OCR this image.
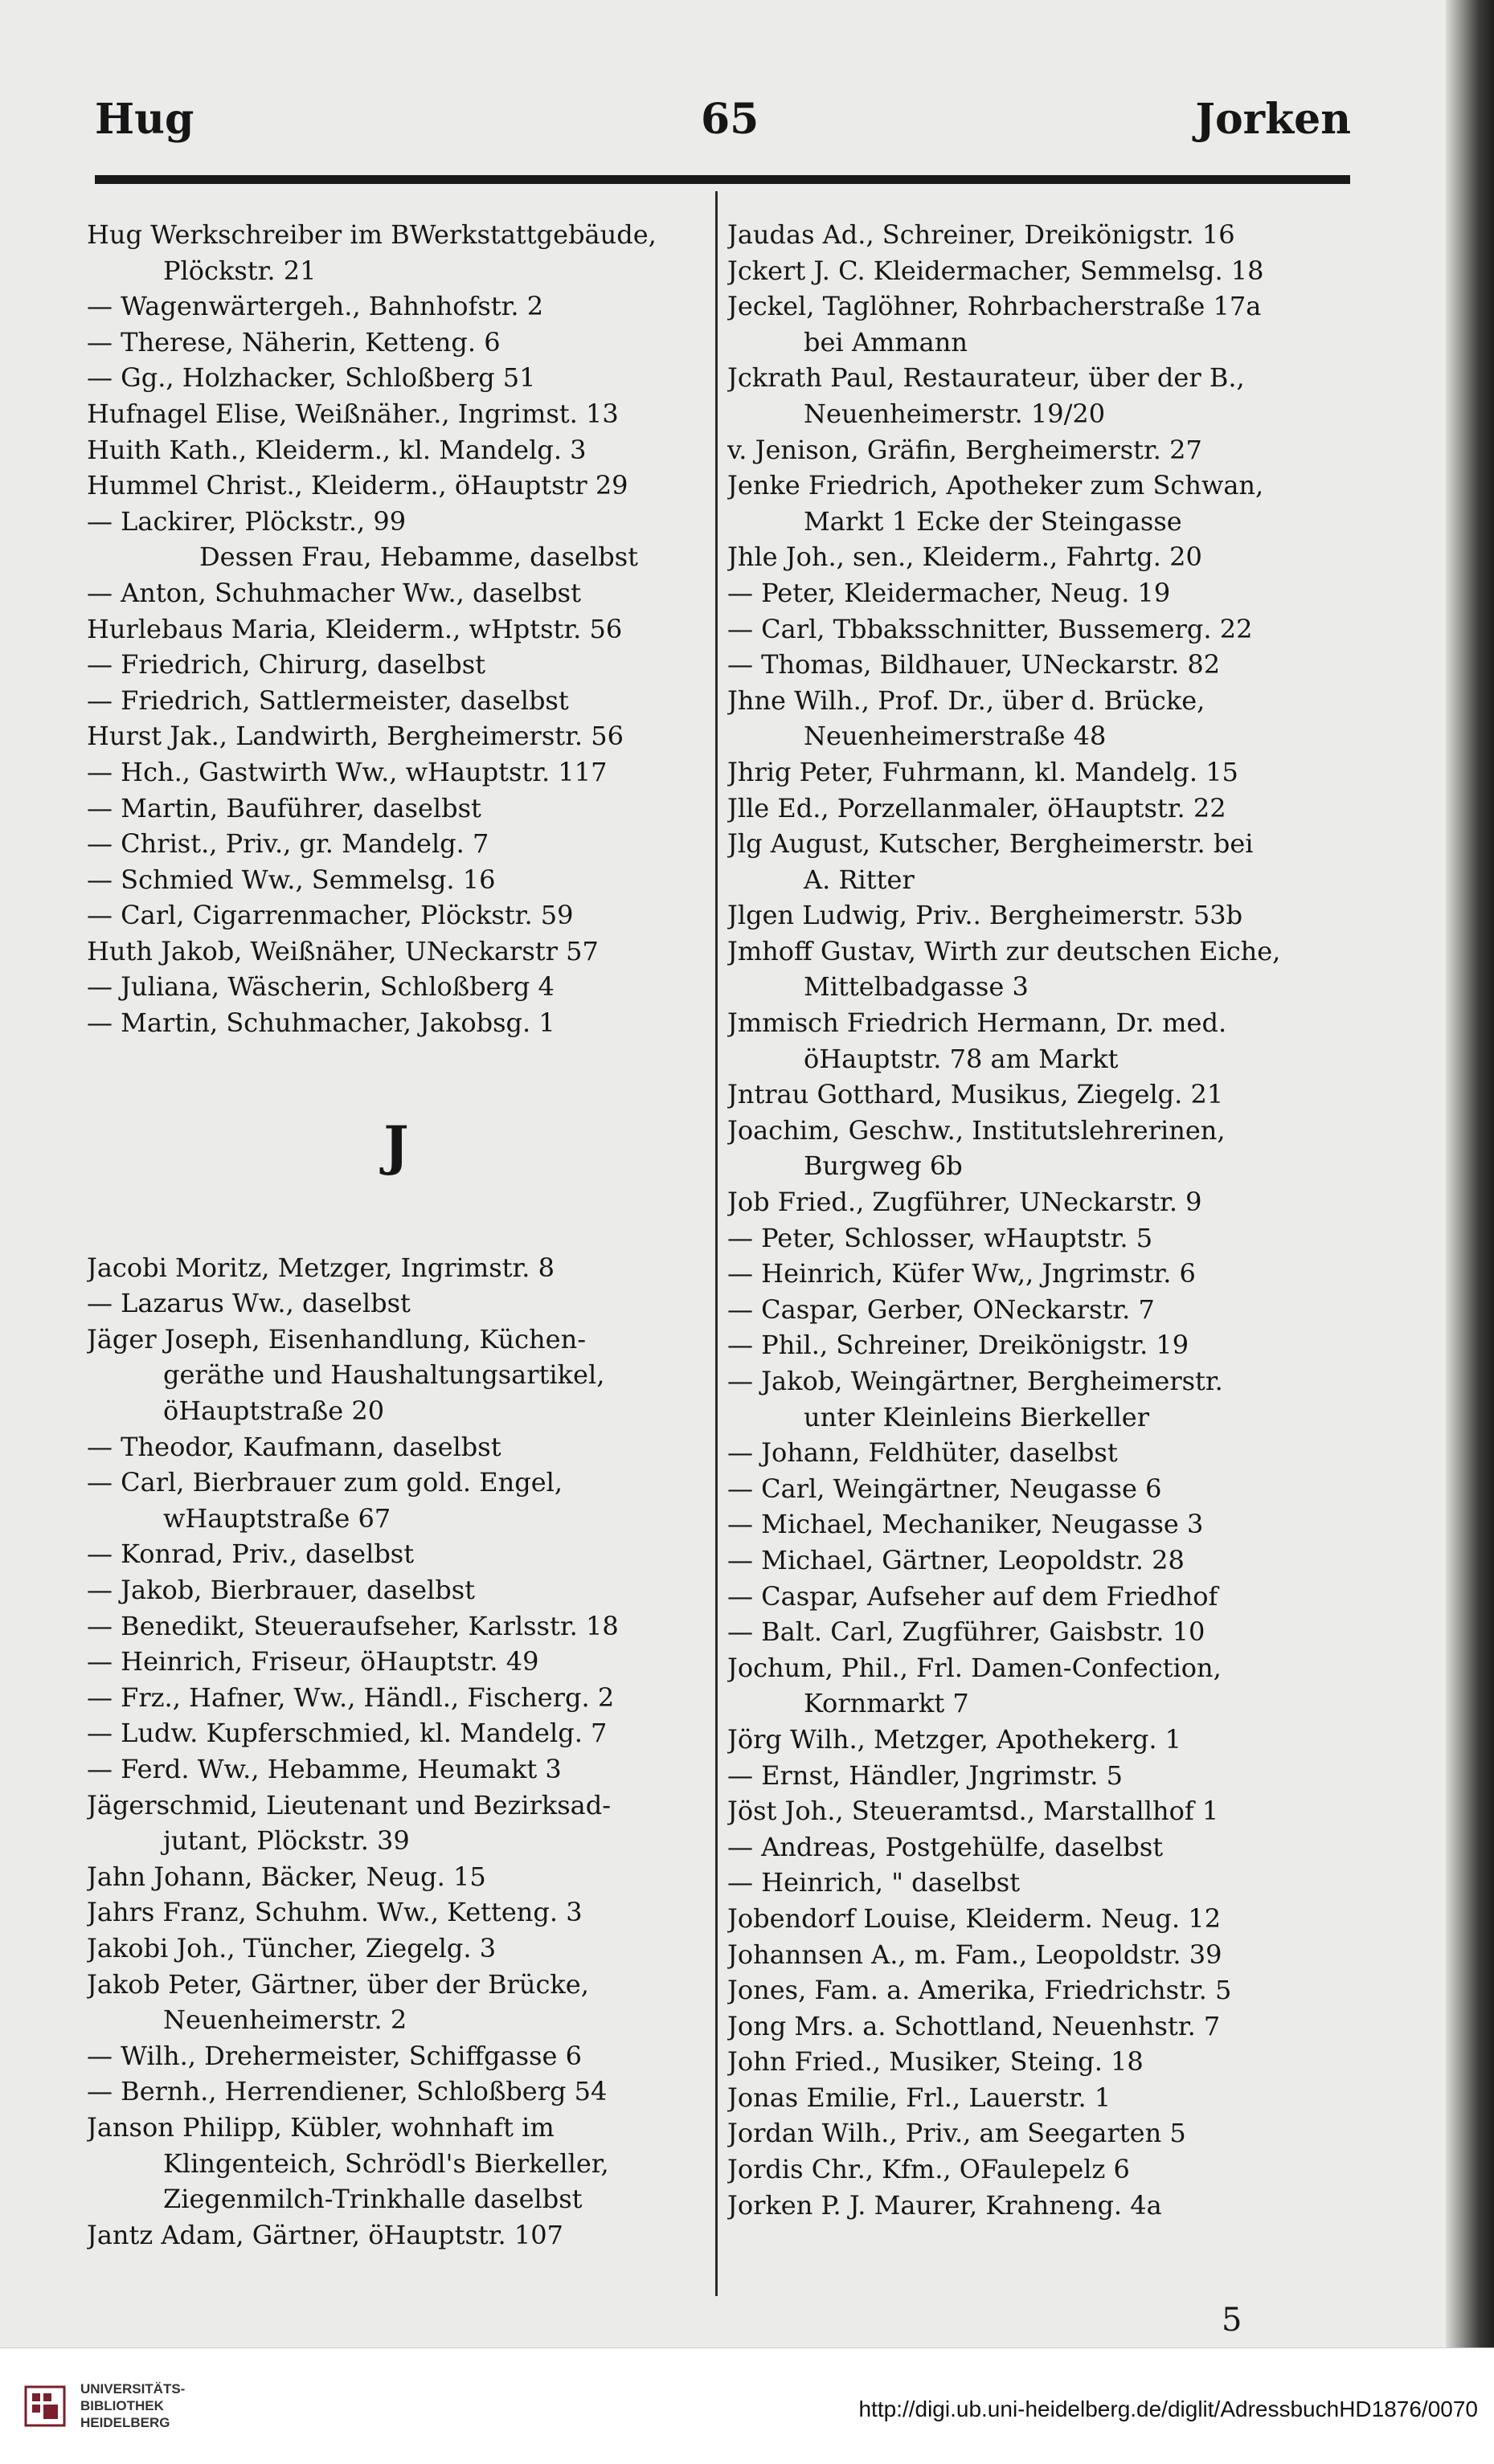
Hug	65	Jorken
Hug Werkschreiber im BWerkstattgebäude,
Plöckstr. 21
— Wagenwärtergeh., Bahnhofstr. 2
— Therese, Näherin, Ketteng. 6
— Gg., Holzhacker, Schloßberg 51
Hufnagel Elise, Weißnäher., Ingrimst. 13
Huith Kath., Kleiderm., kl. Mandelg. 3
Hummel Christ., Kleiderm., öHauptstr 29
— Lackirer, Plöckstr., 99
Dessen Frau, Hebamme, daselbst
— Anton, Schuhmacher Ww., daselbst
Hurlebaus Maria, Kleiderm., wHptstr. 56
— Friedrich, Chirurg, daselbst
— Friedrich, Sattlermeister, daselbst
Hurst Jak., Landwirth, Bergheimerstr. 56
— Hch., Gastwirth Ww., wHauptstr. 117
— Martin, Bauführer, daselbst
— Christ., Priv., gr. Mandelg. 7
— Schmied Ww., Semmelsg. 16
— Carl, Cigarrenmacher, Plöckstr. 59
Huth Jakob, Weißnäher, UNeckarstr 57
— Juliana, Wäscherin, Schloßberg 4
— Martin, Schuhmacher, Jakobsg. 1
J
Jacobi Moritz, Metzger, Ingrimstr. 8
— Lazarus Ww., daselbst
Jäger Joseph, Eisenhandlung, Küchen-
geräthe und Haushaltungsartikel,
öHauptstraße 20
— Theodor, Kaufmann, daselbst
— Carl, Bierbrauer zum gold. Engel,
wHauptstraße 67
— Konrad, Priv., daselbst
— Jakob, Bierbrauer, daselbst
— Benedikt, Steueraufseher, Karlsstr. 18
— Heinrich, Friseur, öHauptstr. 49
— Frz., Hafner, Ww., Händl., Fischerg. 2
— Ludw. Kupferschmied, kl. Mandelg. 7
— Ferd. Ww., Hebamme, Heumakt 3
Jägerschmid, Lieutenant und Bezirksad-
jutant, Plöckstr. 39
Jahn Johann, Bäcker, Neug. 15
Jahrs Franz, Schuhm. Ww., Ketteng. 3
Jakobi Joh., Tüncher, Ziegelg. 3
Jakob Peter, Gärtner, über der Brücke,
Neuenheimerstr. 2
— Wilh., Drehermeister, Schiffgasse 6
— Bernh., Herrendiener, Schloßberg 54
Janson Philipp, Kübler, wohnhaft im
Klingenteich, Schrödl's Bierkeller,
Ziegenmilch-Trinkhalle daselbst
Jantz Adam, Gärtner, öHauptstr. 107
Jaudas Ad., Schreiner, Dreikönigstr. 16
Jckert J. C. Kleidermacher, Semmelsg. 18
Jeckel, Taglöhner, Rohrbacherstraße 17a
bei Ammann
Jckrath Paul, Restaurateur, über der B.,
Neuenheimerstr. 19/20
v. Jenison, Gräfin, Bergheimerstr. 27
Jenke Friedrich, Apotheker zum Schwan,
Markt 1 Ecke der Steingasse
Jhle Joh., sen., Kleiderm., Fahrtg. 20
— Peter, Kleidermacher, Neug. 19
— Carl, Tbbaksschnitter, Bussemerg. 22
— Thomas, Bildhauer, UNeckarstr. 82
Jhne Wilh., Prof. Dr., über d. Brücke,
Neuenheimerstraße 48
Jhrig Peter, Fuhrmann, kl. Mandelg. 15
Jlle Ed., Porzellanmaler, öHauptstr. 22
Jlg August, Kutscher, Bergheimerstr. bei
A. Ritter
Jlgen Ludwig, Priv.. Bergheimerstr. 53b
Jmhoff Gustav, Wirth zur deutschen Eiche,
Mittelbadgasse 3
Jmmisch Friedrich Hermann, Dr. med.
öHauptstr. 78 am Markt
Jntrau Gotthard, Musikus, Ziegelg. 21
Joachim, Geschw., Institutslehrerinen,
Burgweg 6b
Job Fried., Zugführer, UNeckarstr. 9
— Peter, Schlosser, wHauptstr. 5
— Heinrich, Küfer Ww,, Jngrimstr. 6
— Caspar, Gerber, ONeckarstr. 7
— Phil., Schreiner, Dreikönigstr. 19
— Jakob, Weingärtner, Bergheimerstr.
unter Kleinleins Bierkeller
— Johann, Feldhüter, daselbst
— Carl, Weingärtner, Neugasse 6
— Michael, Mechaniker, Neugasse 3
— Michael, Gärtner, Leopoldstr. 28
— Caspar, Aufseher auf dem Friedhof
— Balt. Carl, Zugführer, Gaisbstr. 10
Jochum, Phil., Frl. Damen-Confection,
Kornmarkt 7
Jörg Wilh., Metzger, Apothekerg. 1
— Ernst, Händler, Jngrimstr. 5
Jöst Joh., Steueramtsd., Marstallhof 1
— Andreas, Postgehülfe, daselbst
— Heinrich, " daselbst
Jobendorf Louise, Kleiderm. Neug. 12
Johannsen A., m. Fam., Leopoldstr. 39
Jones, Fam. a. Amerika, Friedrichstr. 5
Jong Mrs. a. Schottland, Neuenhstr. 7
John Fried., Musiker, Steing. 18
Jonas Emilie, Frl., Lauerstr. 1
Jordan Wilh., Priv., am Seegarten 5
Jordis Chr., Kfm., OFaulepelz 6
Jorken P. J. Maurer, Krahneng. 4a
5
UNIVERSITÄTS-
BIBLIOTHEK
HEIDELBERG
http://digi.ub.uni-heidelberg.de/diglit/AdressbuchHD1876/0070
